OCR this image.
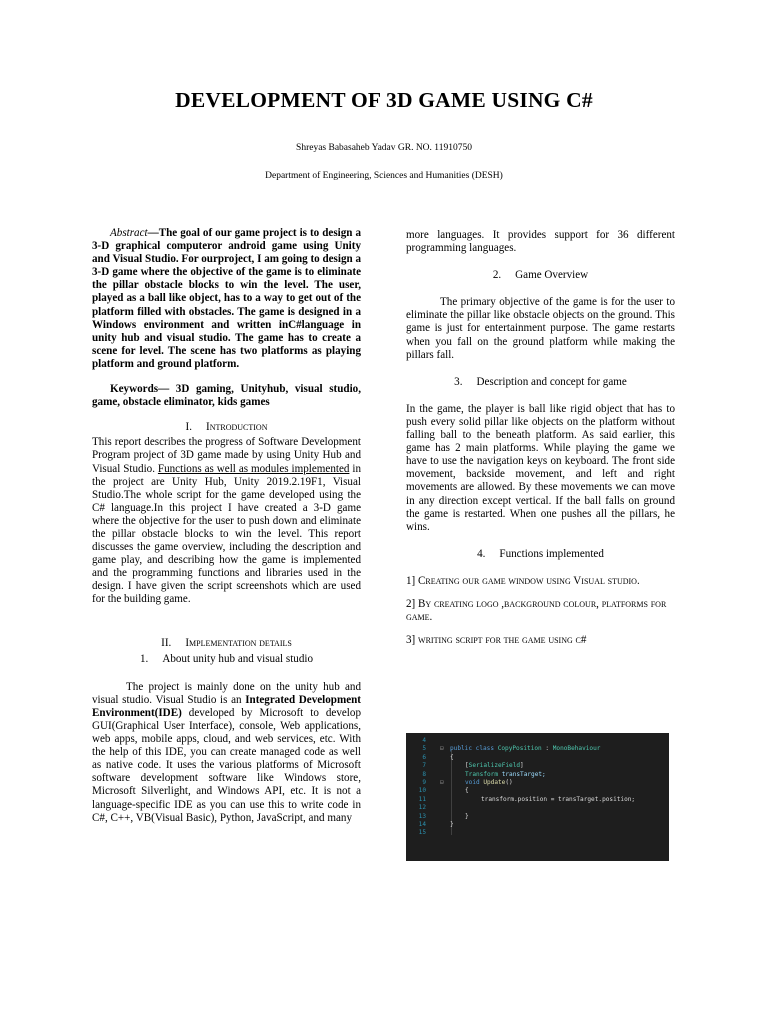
DEVELOPMENT OF 3D GAME USING C#

Shreyas Babasaheb Yadav GR. NO. 11910750

Department of Engineering, Sciences and Humanities (DESH)

Abstract—The goal of our game project is to design a 3-D graphical computeror android game using Unity and Visual Studio. For ourproject, I am going to design a 3-D game where the objective of the game is to eliminate the pillar obstacle blocks to win the level. The user, played as a ball like object, has to a way to get out of the platform filled with obstacles. The game is designed in a Windows environment and written inC#language in unity hub and visual studio. The game has to create a scene for level. The scene has two platforms as playing platform and ground platform.

Keywords— 3D gaming, Unityhub, visual studio, game, obstacle eliminator, kids games

I. Introduction

This report describes the progress of Software Development Program project of 3D game made by using Unity Hub and Visual Studio. Functions as well as modules implemented in the project are Unity Hub, Unity 2019.2.19F1, Visual Studio.The whole script for the game developed using the C# language.In this project I have created a 3-D game where the objective for the user to push down and eliminate the pillar obstacle blocks to win the level. This report discusses the game overview, including the description and game play, and describing how the game is implemented and the programming functions and libraries used in the design. I have given the script screenshots which are used for the building game.

II. Implementation details
1. About unity hub and visual studio

The project is mainly done on the unity hub and visual studio. Visual Studio is an Integrated Development Environment(IDE) developed by Microsoft to develop GUI(Graphical User Interface), console, Web applications, web apps, mobile apps, cloud, and web services, etc. With the help of this IDE, you can create managed code as well as native code. It uses the various platforms of Microsoft software development software like Windows store, Microsoft Silverlight, and Windows API, etc. It is not a language-specific IDE as you can use this to write code in C#, C++, VB(Visual Basic), Python, JavaScript, and many

more languages. It provides support for 36 different programming languages.

2. Game Overview

The primary objective of the game is for the user to eliminate the pillar like obstacle objects on the ground. This game is just for entertainment purpose. The game restarts when you fall on the ground platform while making the pillars fall.

3. Description and concept for game

In the game, the player is ball like rigid object that has to push every solid pillar like objects on the platform without falling ball to the beneath platform. As said earlier, this game has 2 main platforms. While playing the game we have to use the navigation keys on keyboard. The front side movement, backside movement, and left and right movements are allowed. By these movements we can move in any direction except vertical. If the ball falls on ground the game is restarted. When one pushes all the pillars, he wins.

4. Functions implemented

1] Creating our game window using Visual studio.

2] By creating logo ,background colour, platforms for game.

3] writing script for the game using c#

4
5 ⊟ public class CopyPosition : MonoBehaviour
6	{
7	[SerializeField]
8	Transform transTarget;
9 ⊟	void Update()
10	{
11	transform.position = transTarget.position;
12
13	}
14	}
15
